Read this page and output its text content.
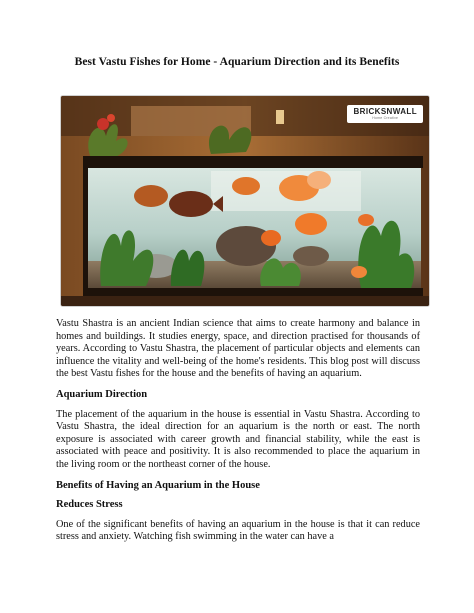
Best Vastu Fishes for Home - Aquarium Direction and its Benefits
BRICKSNWALL
Home Creative

Vastu Shastra is an ancient Indian science that aims to create harmony and balance in homes and buildings. It studies energy, space, and direction practised for thousands of years. According to Vastu Shastra, the placement of particular objects and elements can influence the vitality and well-being of the home's residents. This blog post will discuss the best Vastu fishes for the house and the benefits of having an aquarium.

Aquarium Direction

The placement of the aquarium in the house is essential in Vastu Shastra. According to Vastu Shastra, the ideal direction for an aquarium is the north or east. The north exposure is associated with career growth and financial stability, while the east is associated with peace and positivity. It is also recommended to place the aquarium in the living room or the northeast corner of the house.

Benefits of Having an Aquarium in the House
Reduces Stress

One of the significant benefits of having an aquarium in the house is that it can reduce stress and anxiety. Watching fish swimming in the water can have a
